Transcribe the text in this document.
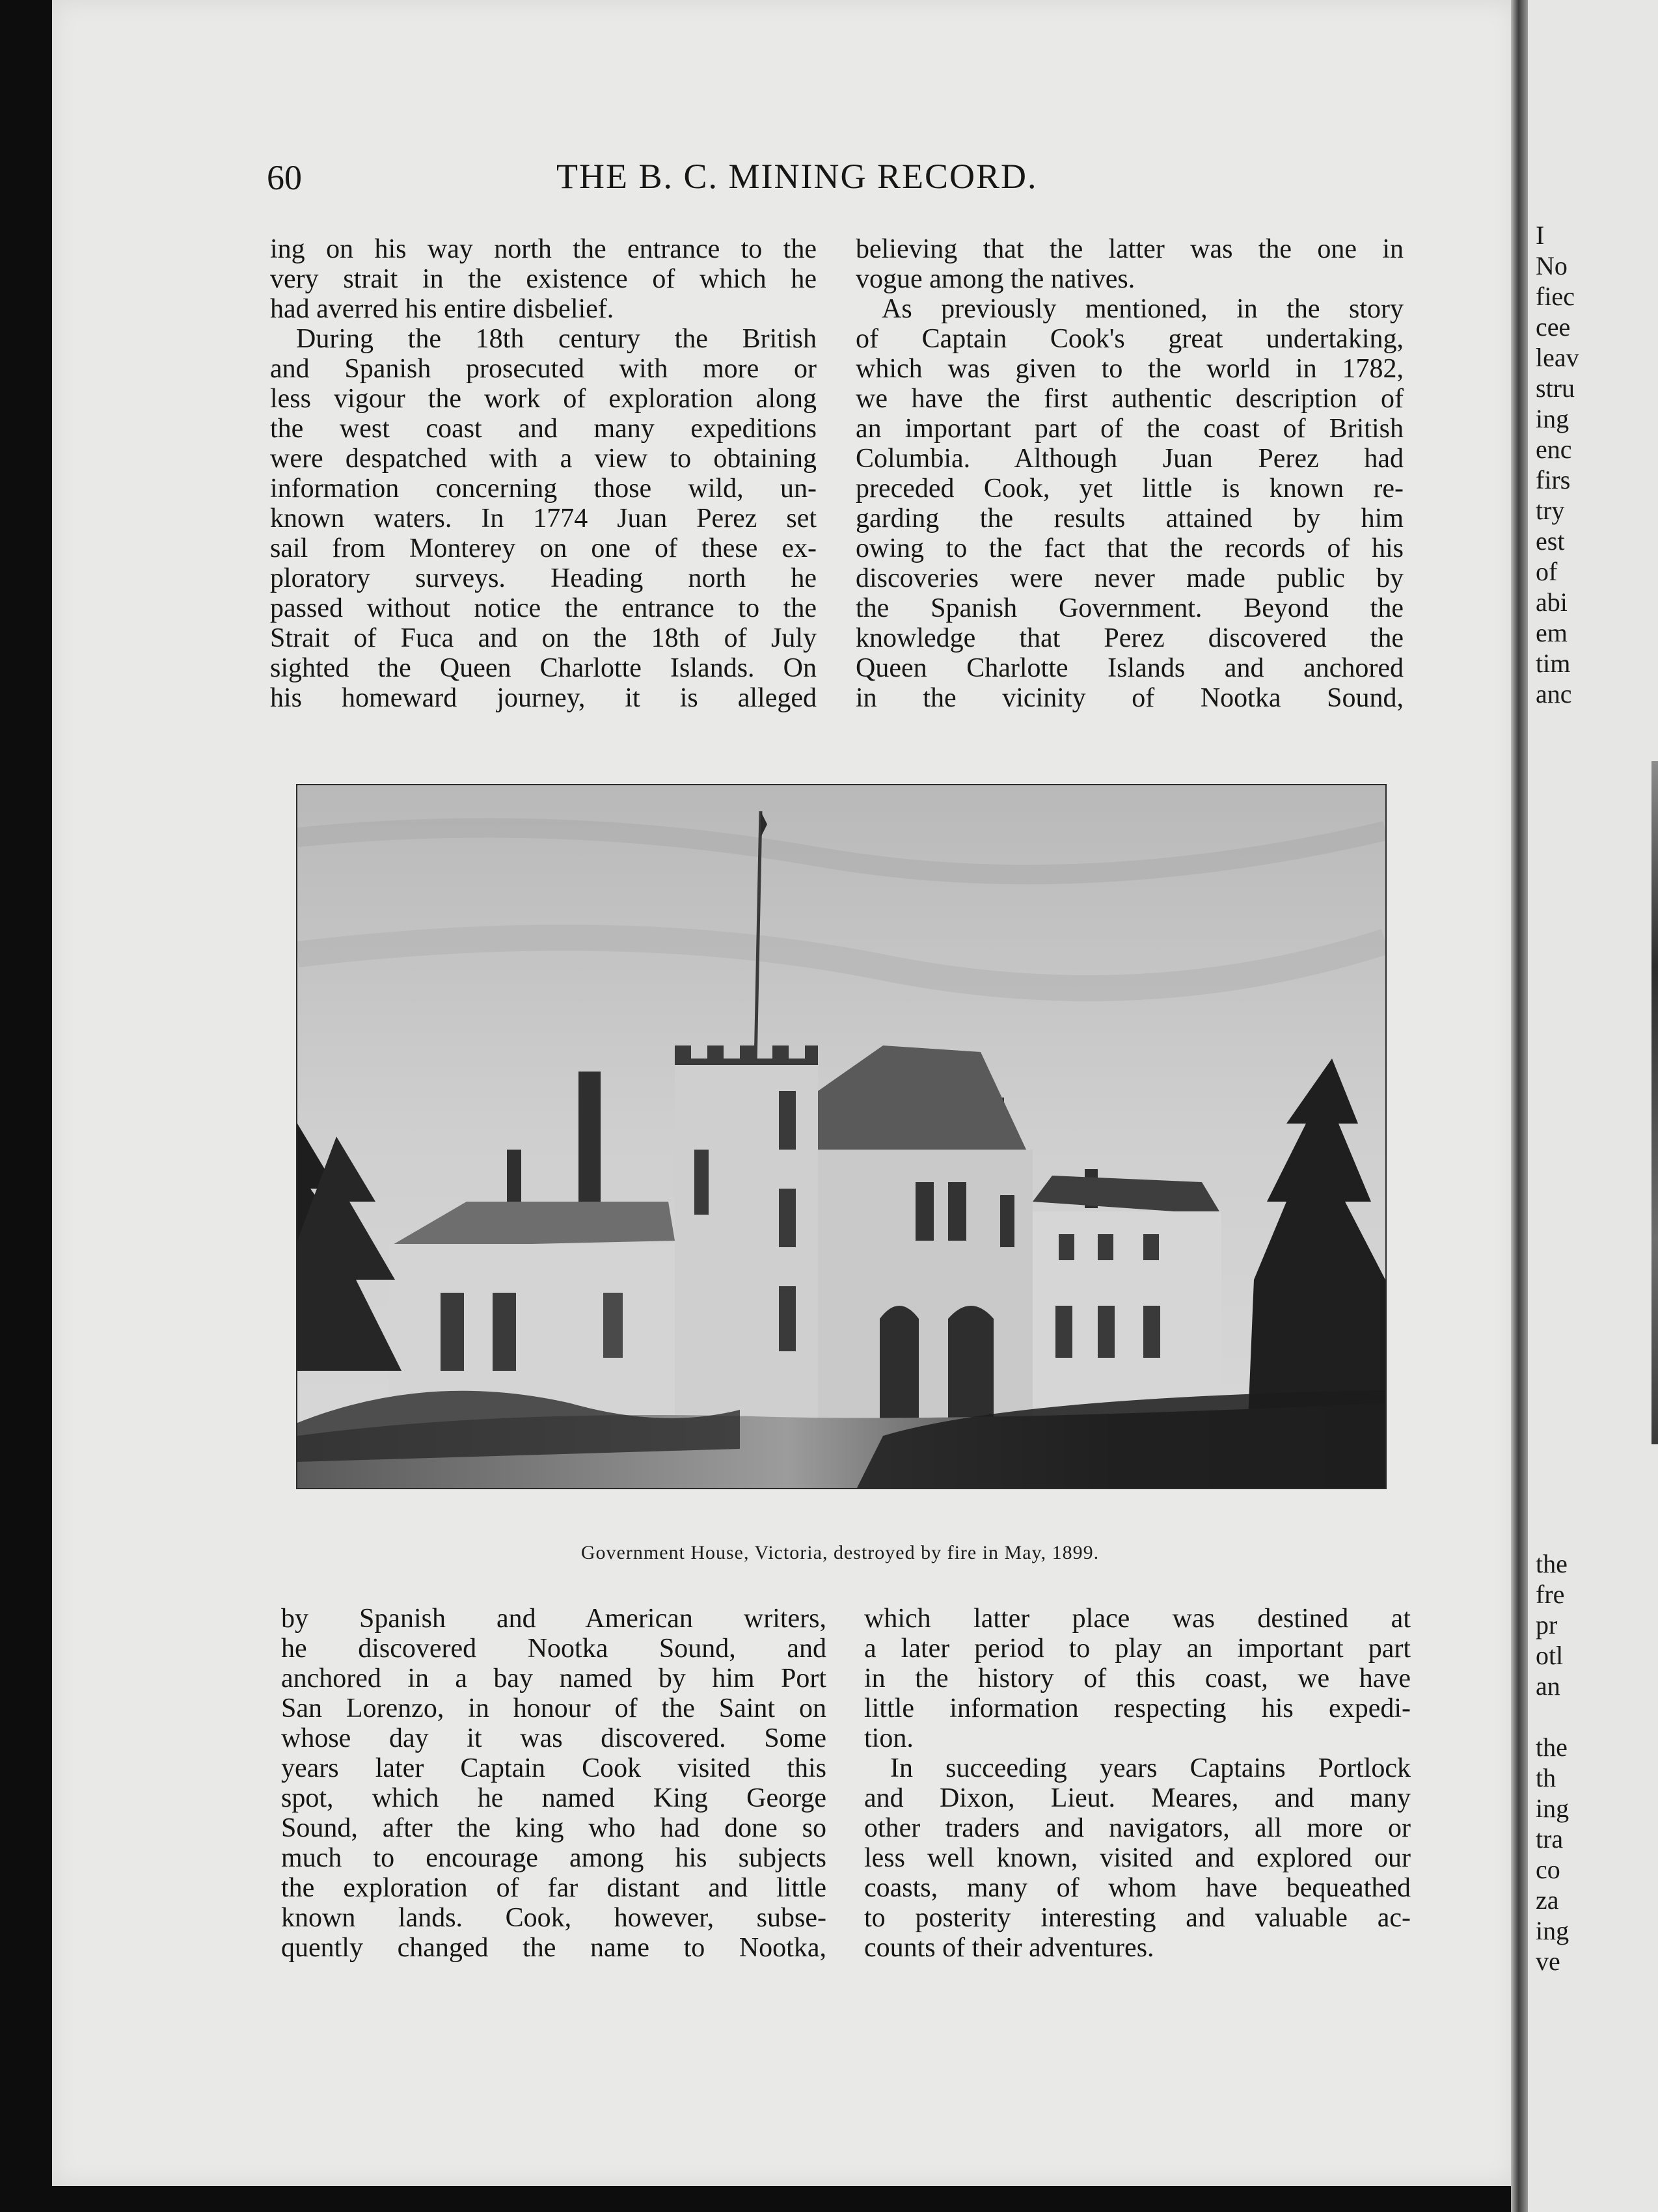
60	THE B. C. MINING RECORD.
ing on his way north the entrance to the
very strait in the existence of which he
had averred his entire disbelief.
During the 18th century the British
and Spanish prosecuted with more or
less vigour the work of exploration along
the west coast and many expeditions
were despatched with a view to obtaining
information concerning those wild, un-
known waters. In 1774 Juan Perez set
sail from Monterey on one of these ex-
ploratory surveys. Heading north he
passed without notice the entrance to the
Strait of Fuca and on the 18th of July
sighted the Queen Charlotte Islands. On
his homeward journey, it is alleged
believing that the latter was the one in
vogue among the natives.
As previously mentioned, in the story
of Captain Cook's great undertaking,
which was given to the world in 1782,
we have the first authentic description of
an important part of the coast of British
Columbia. Although Juan Perez had
preceded Cook, yet little is known re-
garding the results attained by him
owing to the fact that the records of his
discoveries were never made public by
the Spanish Government. Beyond the
knowledge that Perez discovered the
Queen Charlotte Islands and anchored
in the vicinity of Nootka Sound,
Government House, Victoria, destroyed by fire in May, 1899.
by Spanish and American writers,
he discovered Nootka Sound, and
anchored in a bay named by him Port
San Lorenzo, in honour of the Saint on
whose day it was discovered. Some
years later Captain Cook visited this
spot, which he named King George
Sound, after the king who had done so
much to encourage among his subjects
the exploration of far distant and little
known lands. Cook, however, subse-
quently changed the name to Nootka,
which latter place was destined at
a later period to play an important part
in the history of this coast, we have
little information respecting his expedi-
tion.
In succeeding years Captains Portlock
and Dixon, Lieut. Meares, and many
other traders and navigators, all more or
less well known, visited and explored our
coasts, many of whom have bequeathed
to posterity interesting and valuable ac-
counts of their adventures.
I
No
fiec
cee
leav
stru
ing
enc
firs
try
est
of
abi
em
tim
anc
the
fre
pr
otl
an
the
th
ing
tra
co
za
ing
ve
